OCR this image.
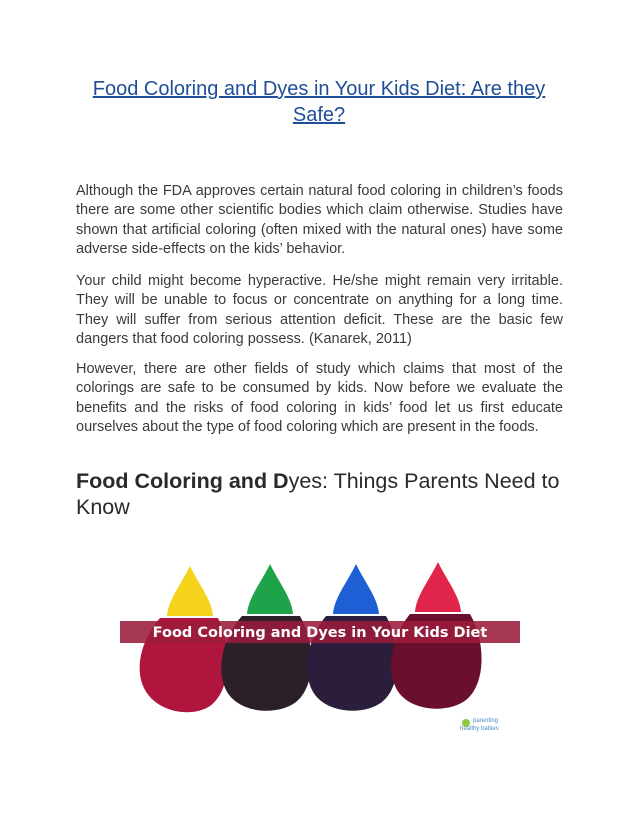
Food Coloring and Dyes in Your Kids Diet: Are they Safe?

Although the FDA approves certain natural food coloring in children’s foods there are some other scientific bodies which claim otherwise. Studies have shown that artificial coloring (often mixed with the natural ones) have some adverse side-effects on the kids’ behavior.

Your child might become hyperactive. He/she might remain very irritable. They will be unable to focus or concentrate on anything for a long time. They will suffer from serious attention deficit. These are the basic few dangers that food coloring possess. (Kanarek, 2011)

However, there are other fields of study which claims that most of the colorings are safe to be consumed by kids. Now before we evaluate the benefits and the risks of food coloring in kids’ food let us first educate ourselves about the type of food coloring which are present in the foods.

Food Coloring and Dyes: Things Parents Need to Know
Food Coloring and Dyes in Your Kids Diet
parenting
healthy babies
